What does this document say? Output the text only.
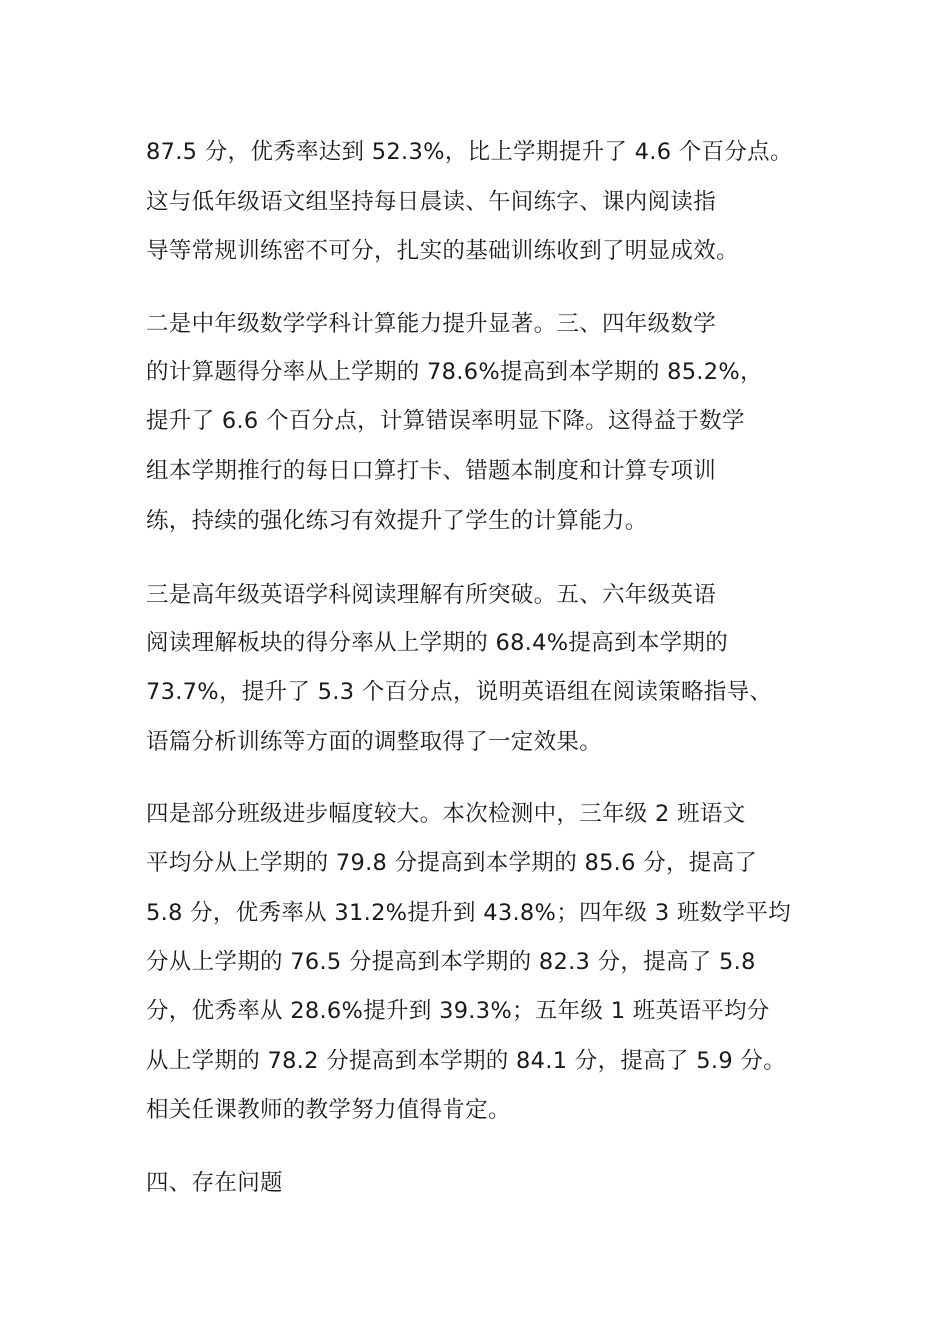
87.5 分，优秀率达到 52.3%，比上学期提升了 4.6 个百分点。
这与低年级语文组坚持每日晨读、午间练字、课内阅读指
导等常规训练密不可分，扎实的基础训练收到了明显成效。
二是中年级数学学科计算能力提升显著。三、四年级数学
的计算题得分率从上学期的 78.6%提高到本学期的 85.2%，
提升了 6.6 个百分点，计算错误率明显下降。这得益于数学
组本学期推行的每日口算打卡、错题本制度和计算专项训
练，持续的强化练习有效提升了学生的计算能力。
三是高年级英语学科阅读理解有所突破。五、六年级英语
阅读理解板块的得分率从上学期的 68.4%提高到本学期的
73.7%，提升了 5.3 个百分点，说明英语组在阅读策略指导、
语篇分析训练等方面的调整取得了一定效果。
四是部分班级进步幅度较大。本次检测中，三年级 2 班语文
平均分从上学期的 79.8 分提高到本学期的 85.6 分，提高了
5.8 分，优秀率从 31.2%提升到 43.8%；四年级 3 班数学平均
分从上学期的 76.5 分提高到本学期的 82.3 分，提高了 5.8
分，优秀率从 28.6%提升到 39.3%；五年级 1 班英语平均分
从上学期的 78.2 分提高到本学期的 84.1 分，提高了 5.9 分。
相关任课教师的教学努力值得肯定。
四、存在问题
